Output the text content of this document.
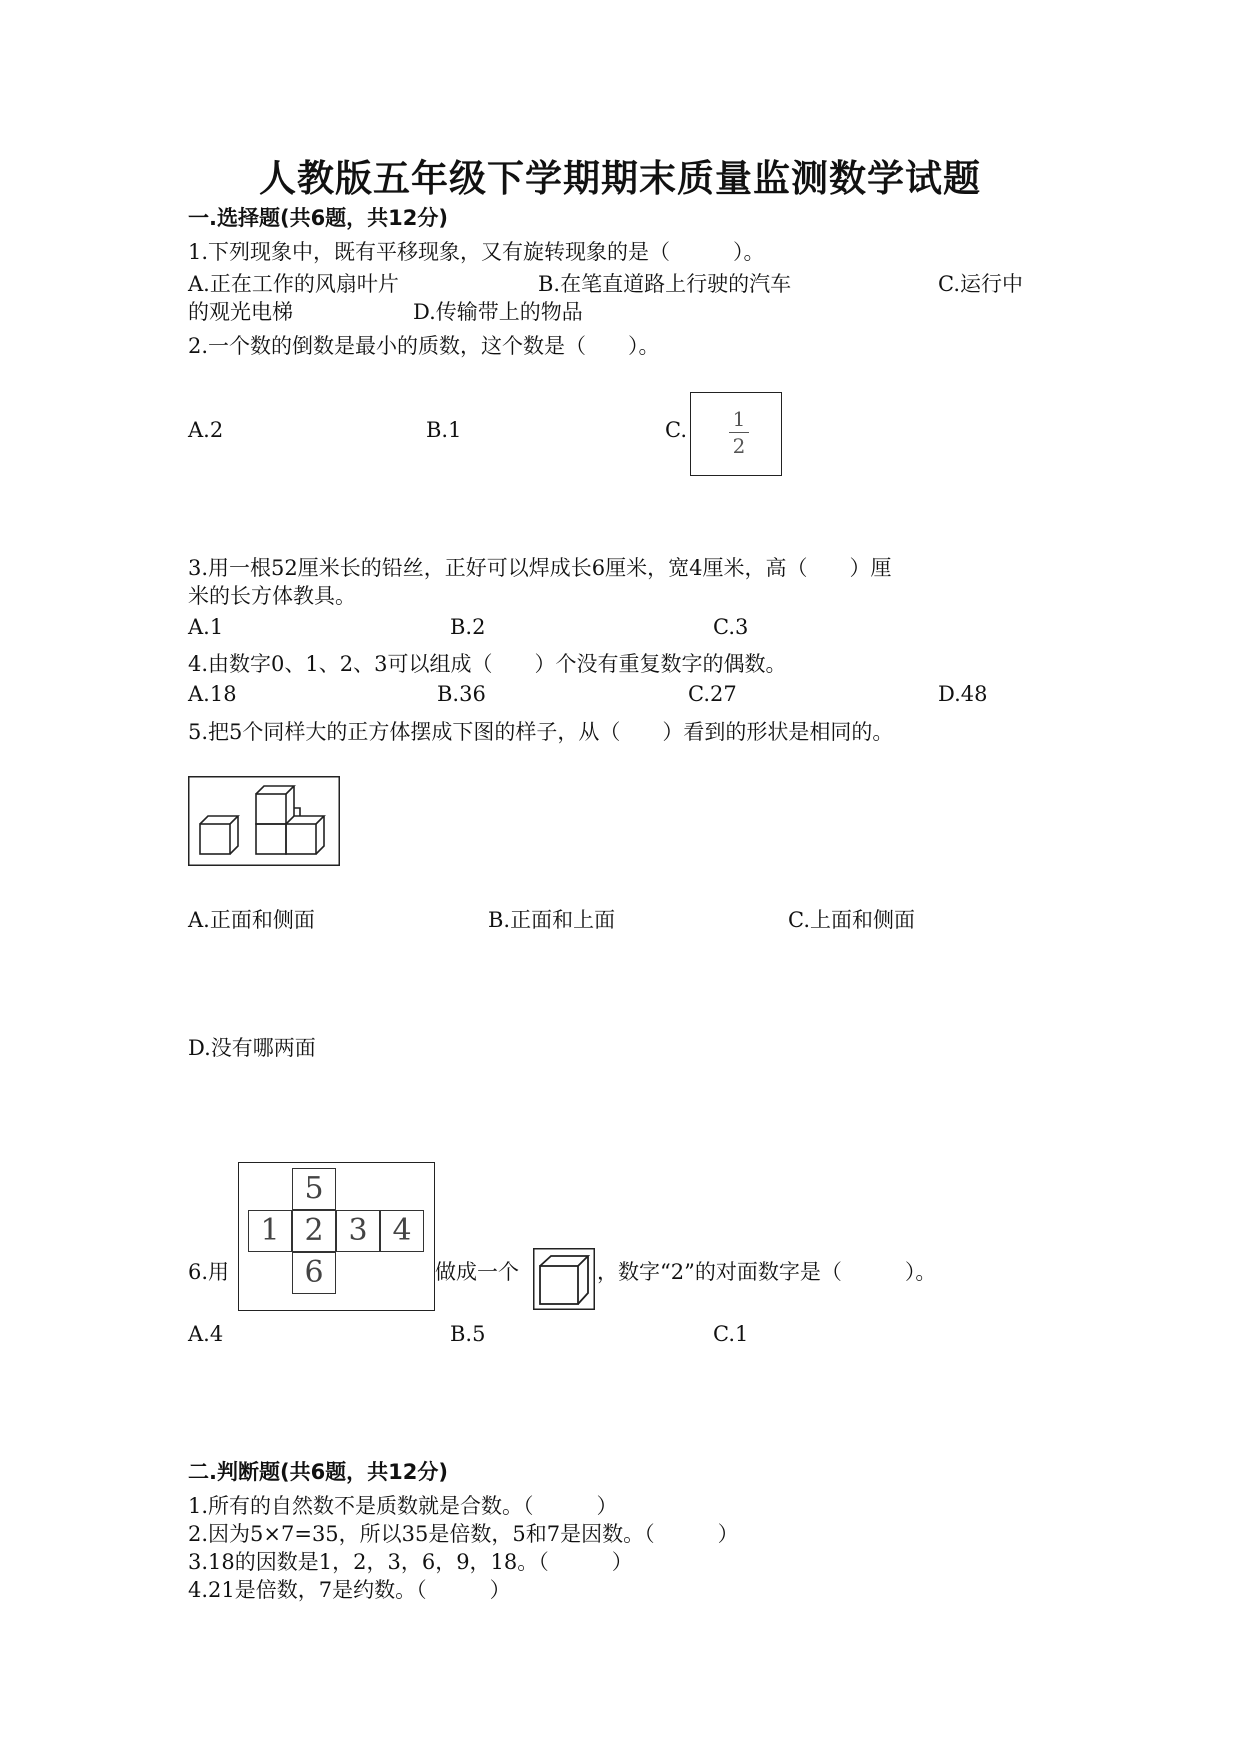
人教版五年级下学期期末质量监测数学试题
一.选择题(共6题，共12分)
1.下列现象中，既有平移现象，又有旋转现象的是（　　　）。
A.正在工作的风扇叶片	B.在笔直道路上行驶的汽车	C.运行中
的观光电梯	D.传输带上的物品
2.一个数的倒数是最小的质数，这个数是（　　）。
A.2	B.1	C. 1
2
3.用一根52厘米长的铅丝，正好可以焊成长6厘米，宽4厘米，高（　　）厘
米的长方体教具。
A.1	B.2	C.3
4.由数字0、1、2、3可以组成（　　）个没有重复数字的偶数。
A.18	B.36	C.27	D.48
5.把5个同样大的正方体摆成下图的样子，从（　　）看到的形状是相同的。
A.正面和侧面	B.正面和上面	C.上面和侧面
D.没有哪两面
6.用
5
1 2 3 4
6	做成一个	，数字“2”的对面数字是（　　　）。
A.4	B.5	C.1
二.判断题(共6题，共12分)
1.所有的自然数不是质数就是合数。（　　　）
2.因为5×7=35，所以35是倍数，5和7是因数。（　　　）
3.18的因数是1，2，3，6，9，18。（　　　）
4.21是倍数，7是约数。（　　　）
